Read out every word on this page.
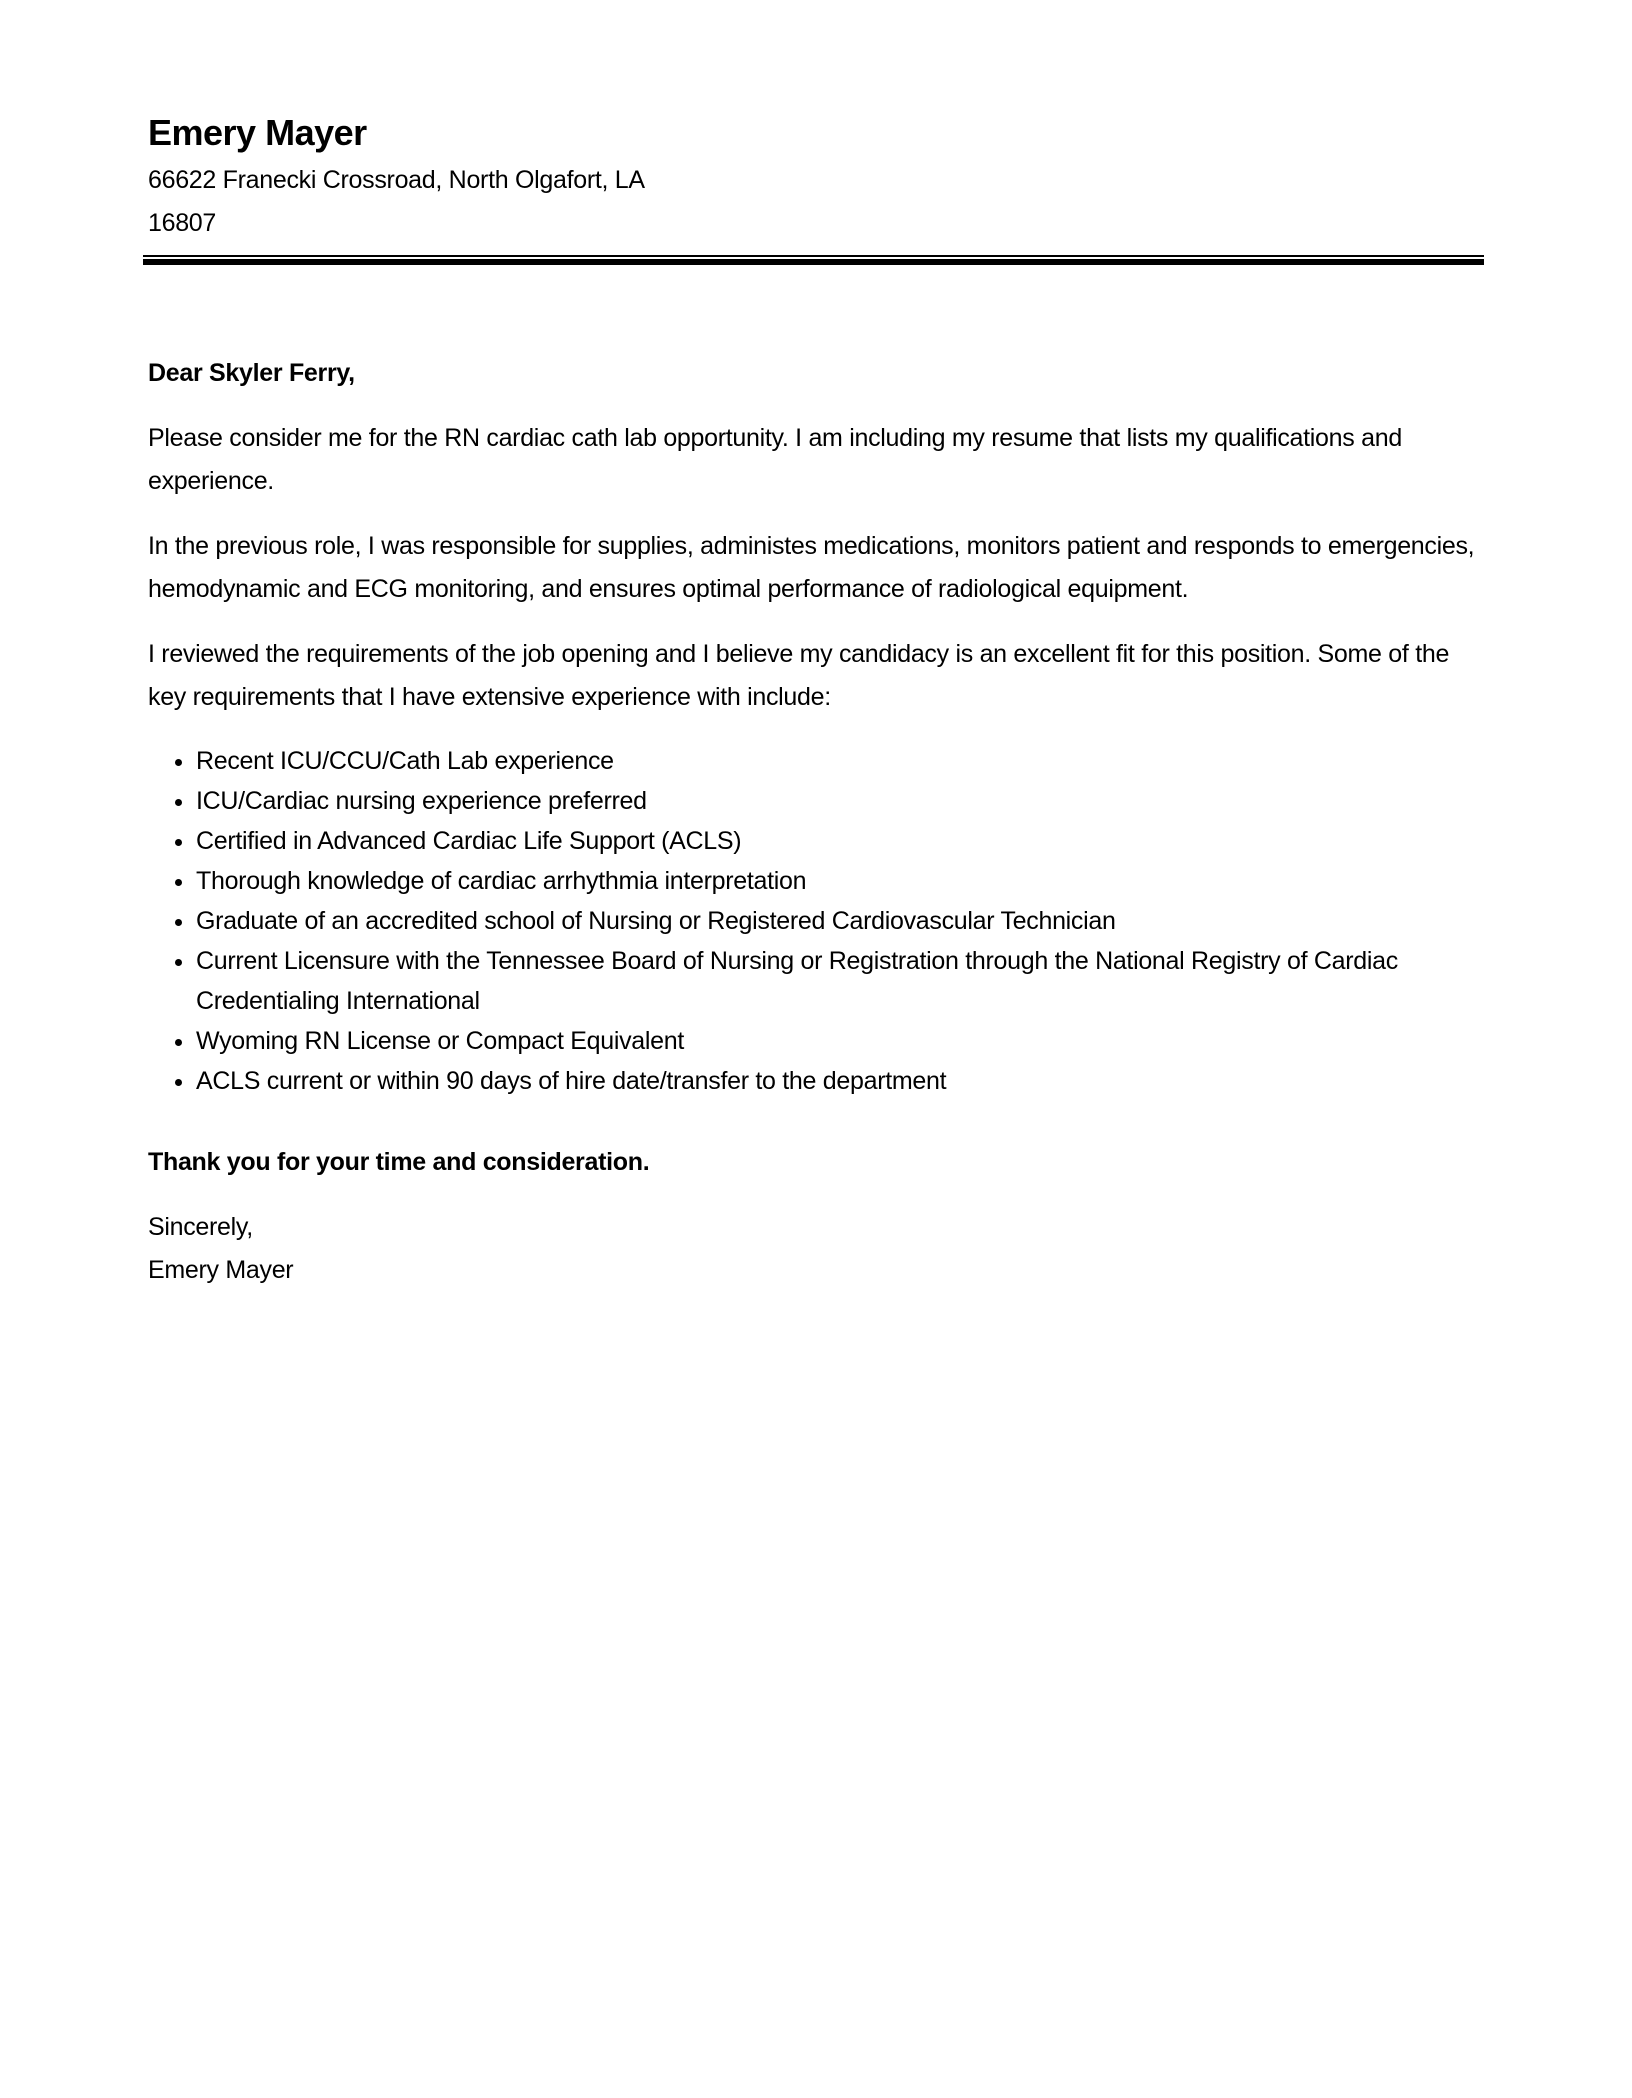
Emery Mayer
66622 Franecki Crossroad, North Olgafort, LA
16807

Dear Skyler Ferry,

Please consider me for the RN cardiac cath lab opportunity. I am including my resume that lists my qualifications and experience.

In the previous role, I was responsible for supplies, administes medications, monitors patient and responds to emergencies, hemodynamic and ECG monitoring, and ensures optimal performance of radiological equipment.

I reviewed the requirements of the job opening and I believe my candidacy is an excellent fit for this position. Some of the key requirements that I have extensive experience with include:

• Recent ICU/CCU/Cath Lab experience
• ICU/Cardiac nursing experience preferred
• Certified in Advanced Cardiac Life Support (ACLS)
• Thorough knowledge of cardiac arrhythmia interpretation
• Graduate of an accredited school of Nursing or Registered Cardiovascular Technician
• Current Licensure with the Tennessee Board of Nursing or Registration through the National Registry of Cardiac Credentialing International
• Wyoming RN License or Compact Equivalent
• ACLS current or within 90 days of hire date/transfer to the department

Thank you for your time and consideration.

Sincerely,

Emery Mayer
